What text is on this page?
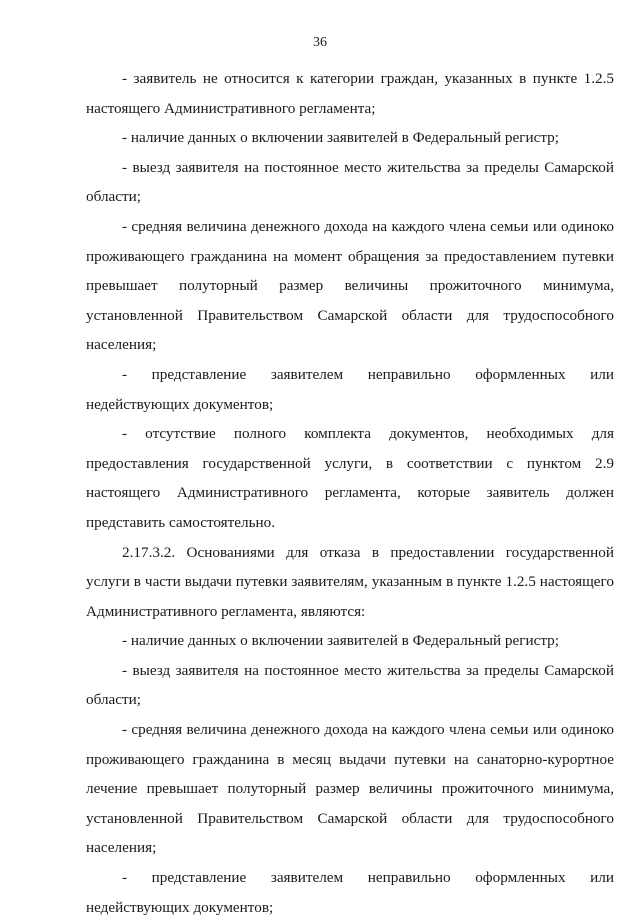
36

- заявитель не относится к категории граждан, указанных в пункте 1.2.5 настоящего Административного регламента;

- наличие данных о включении заявителей в Федеральный регистр;

- выезд заявителя на постоянное место жительства за пределы Самарской области;

- средняя величина денежного дохода на каждого члена семьи или одиноко проживающего гражданина на момент обращения за предоставлением путевки превышает полуторный размер величины прожиточного минимума, установленной Правительством Самарской области для трудоспособного населения;

- представление заявителем неправильно оформленных или недействующих документов;

- отсутствие полного комплекта документов, необходимых для предоставления государственной услуги, в соответствии с пунктом 2.9 настоящего Административного регламента, которые заявитель должен представить самостоятельно.

2.17.3.2. Основаниями для отказа в предоставлении государственной услуги в части выдачи путевки заявителям, указанным в пункте 1.2.5 настоящего Административного регламента, являются:

- наличие данных о включении заявителей в Федеральный регистр;

- выезд заявителя на постоянное место жительства за пределы Самарской области;

- средняя величина денежного дохода на каждого члена семьи или одиноко проживающего гражданина в месяц выдачи путевки на санаторно-курортное лечение превышает полуторный размер величины прожиточного минимума, установленной Правительством Самарской области для трудоспособного населения;

- представление заявителем неправильно оформленных или недействующих документов;
